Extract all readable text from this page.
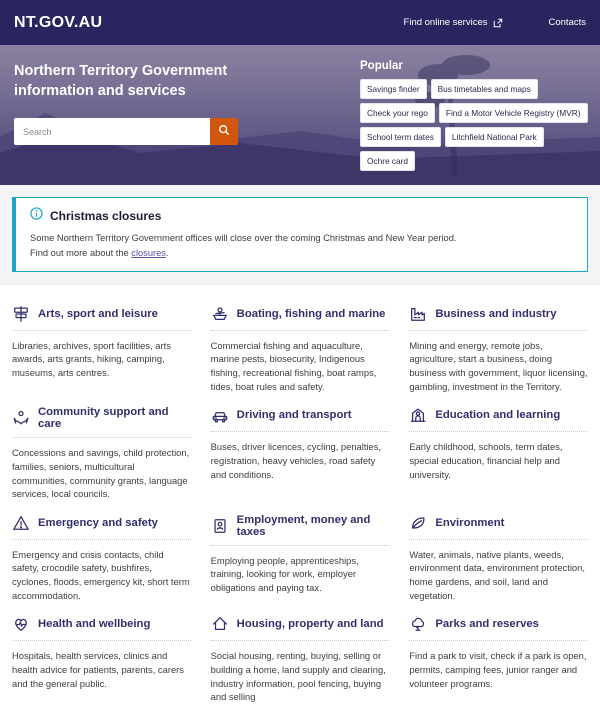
NT.GOV.AU	Find online services	Contacts
Northern Territory Government
information and services
Search
Popular
Savings finder	Bus timetables and maps
Check your rego	Find a Motor Vehicle Registry (MVR)
School term dates	Litchfield National Park
Ochre card
Christmas closures
Some Northern Territory Government offices will close over the coming Christmas and New Year period.
Find out more about the closures.
Arts, sport and leisure
Libraries, archives, sport facilities, arts awards, arts grants, hiking, camping, museums, arts centres.
Boating, fishing and marine
Commercial fishing and aquaculture, marine pests, biosecurity, Indigenous fishing, recreational fishing, boat ramps, tides, boat rules and safety.
Business and industry
Mining and energy, remote jobs, agriculture, start a business, doing business with government, liquor licensing, gambling, investment in the Territory.
Community support and care
Concessions and savings, child protection, families, seniors, multicultural communities, community grants, language services, local councils.
Driving and transport
Buses, driver licences, cycling, penalties, registration, heavy vehicles, road safety and conditions.
Education and learning
Early childhood, schools, term dates, special education, financial help and university.
Emergency and safety
Emergency and crisis contacts, child safety, crocodile safety, bushfires, cyclones, floods, emergency kit, short term accommodation.
Employment, money and taxes
Employing people, apprenticeships, training, looking for work, employer obligations and paying tax.
Environment
Water, animals, native plants, weeds, environment data, environment protection, home gardens, and soil, land and vegetation.
Health and wellbeing
Hospitals, health services, clinics and health advice for patients, parents, carers and the general public.
Housing, property and land
Social housing, renting, buying, selling or building a home, land supply and clearing, industry information, pool fencing, buying and selling
Parks and reserves
Find a park to visit, check if a park is open, permits, camping fees, junior ranger and volunteer programs.
